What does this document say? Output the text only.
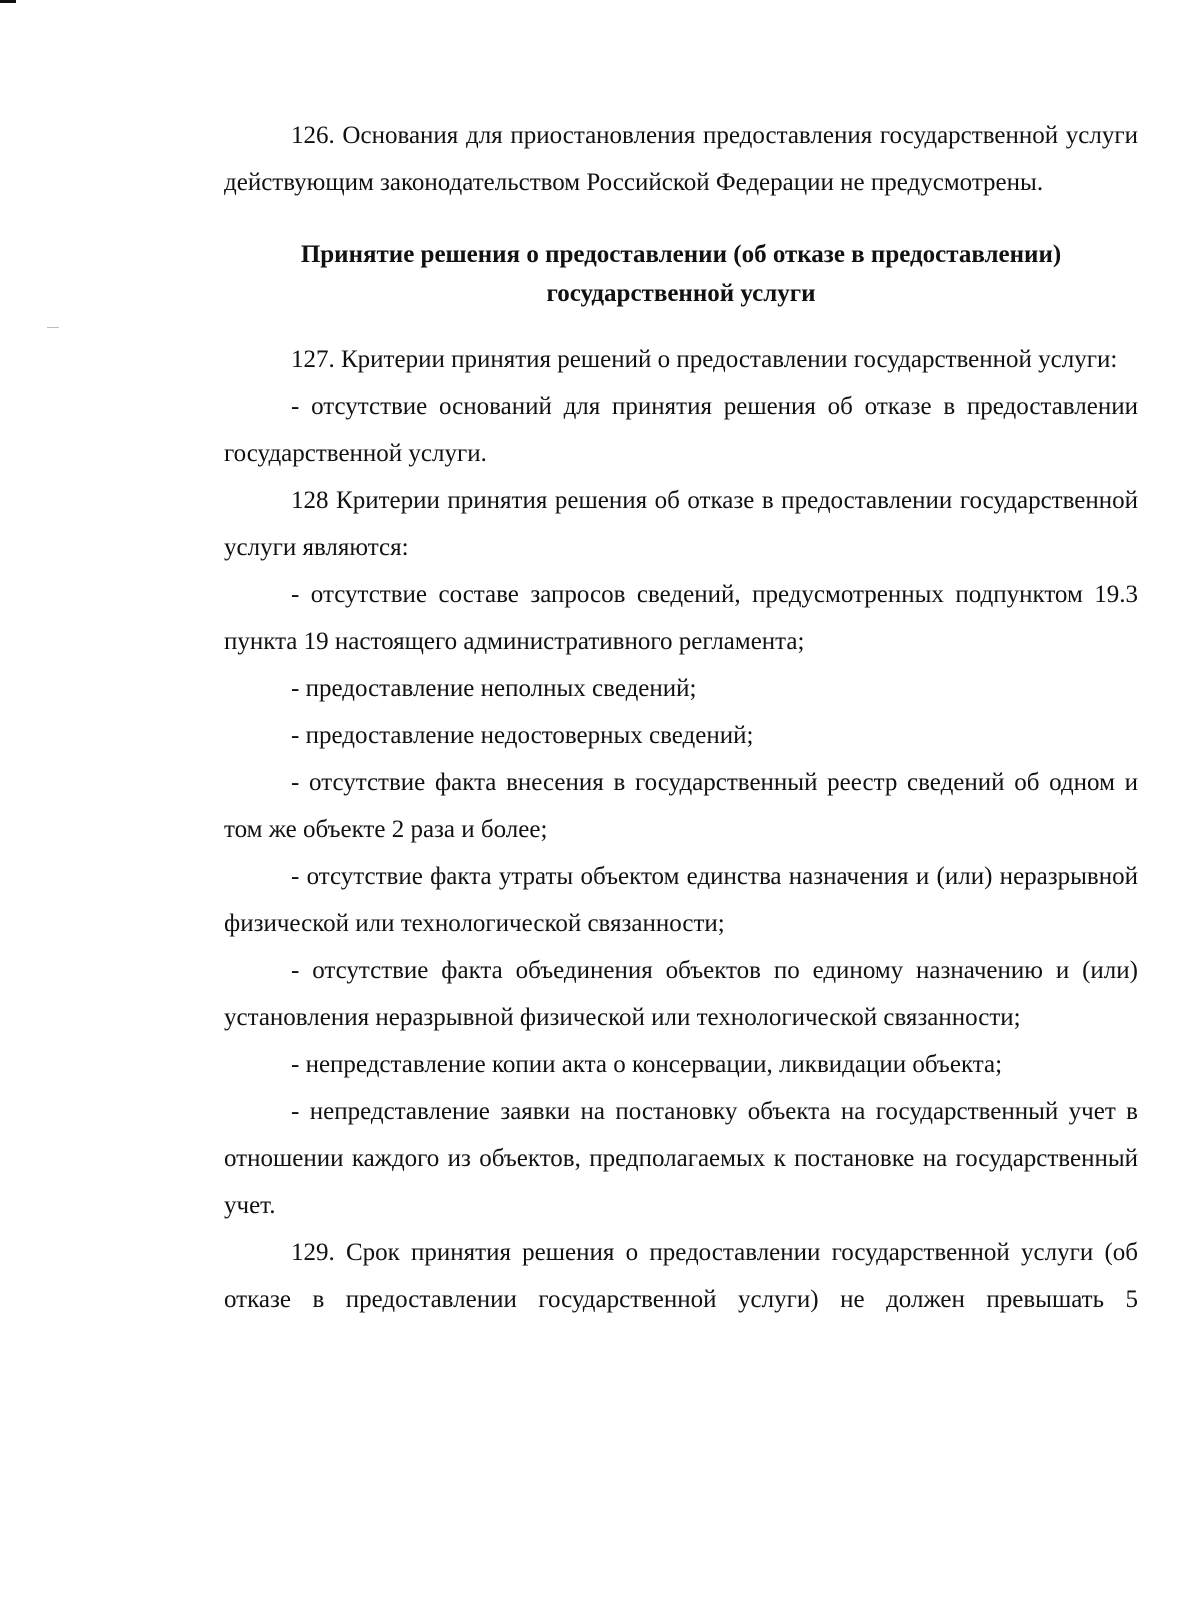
126. Основания для приостановления предоставления государственной услуги действующим законодательством Российской Федерации не предусмотрены.

Принятие решения о предоставлении (об отказе в предоставлении)
государственной услуги

127. Критерии принятия решений о предоставлении государственной услуги:

- отсутствие оснований для принятия решения об отказе в предоставлении государственной услуги.

128 Критерии принятия решения об отказе в предоставлении государственной услуги являются:

- отсутствие составе запросов сведений, предусмотренных подпунктом 19.3 пункта 19 настоящего административного регламента;

- предоставление неполных сведений;

- предоставление недостоверных сведений;

- отсутствие факта внесения в государственный реестр сведений об одном и том же объекте 2 раза и более;

- отсутствие факта утраты объектом единства назначения и (или) неразрывной физической или технологической связанности;

- отсутствие факта объединения объектов по единому назначению и (или) установления неразрывной физической или технологической связанности;

- непредставление копии акта о консервации, ликвидации объекта;

- непредставление заявки на постановку объекта на государственный учет в отношении каждого из объектов, предполагаемых к постановке на государственный учет.

129. Срок принятия решения о предоставлении государственной услуги (об отказе в предоставлении государственной услуги) не должен превышать 5
